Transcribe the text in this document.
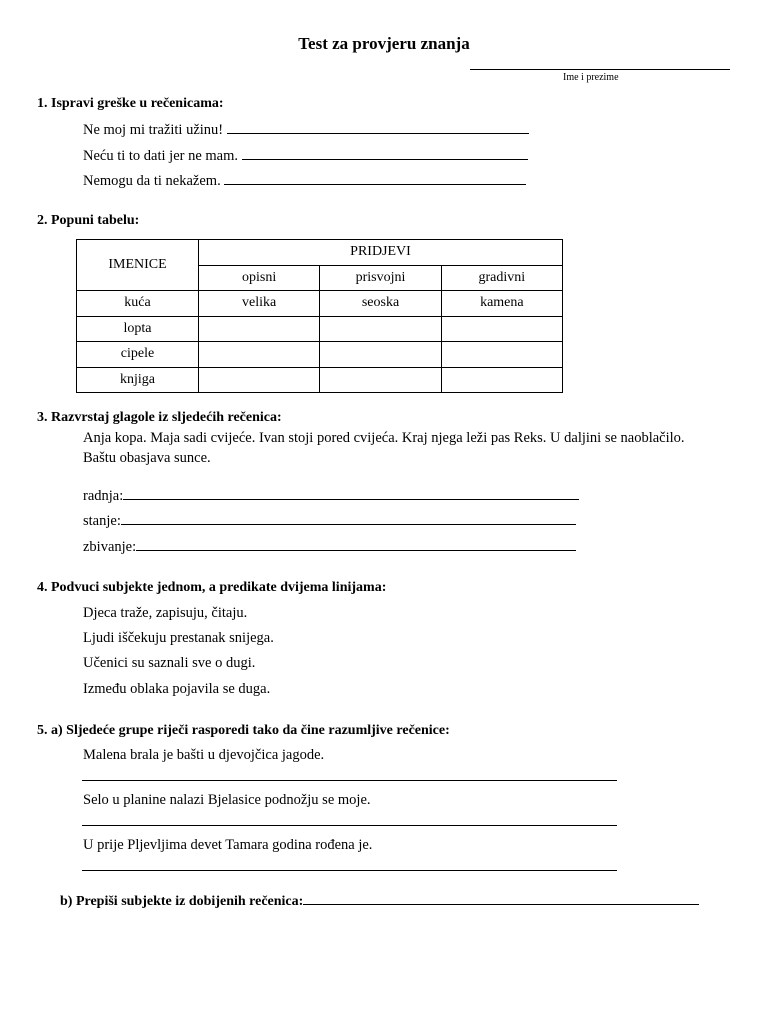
Test za provjeru znanja
Ime i prezime
1. Ispravi greške u rečenicama:
Ne moj mi tražiti užinu!
Neću ti to dati jer ne mam.
Nemogu da ti nekažem.
2. Popuni tabelu:
IMENICE	PRIDJEVI		
	opisni	prisvojni	gradivni
kuća	velika	seoska	kamena
lopta			
cipele			
knjiga			
3. Razvrstaj glagole iz sljedećih rečenica:
Anja kopa. Maja sadi cvijeće. Ivan stoji pored cvijeća. Kraj njega leži pas Reks. U daljini se naoblačilo.
Baštu obasjava sunce.
radnja:
stanje:
zbivanje:
4. Podvuci subjekte jednom, a predikate dvijema linijama:
Djeca traže, zapisuju, čitaju.
Ljudi iščekuju prestanak snijega.
Učenici su saznali sve o dugi.
Između oblaka pojavila se duga.
5. a) Sljedeće grupe riječi rasporedi tako da čine razumljive rečenice:
Malena brala je bašti u djevojčica jagode.
Selo u planine nalazi Bjelasice podnožju se moje.
U prije Pljevljima devet Tamara godina rođena je.
b) Prepiši subjekte iz dobijenih rečenica:
